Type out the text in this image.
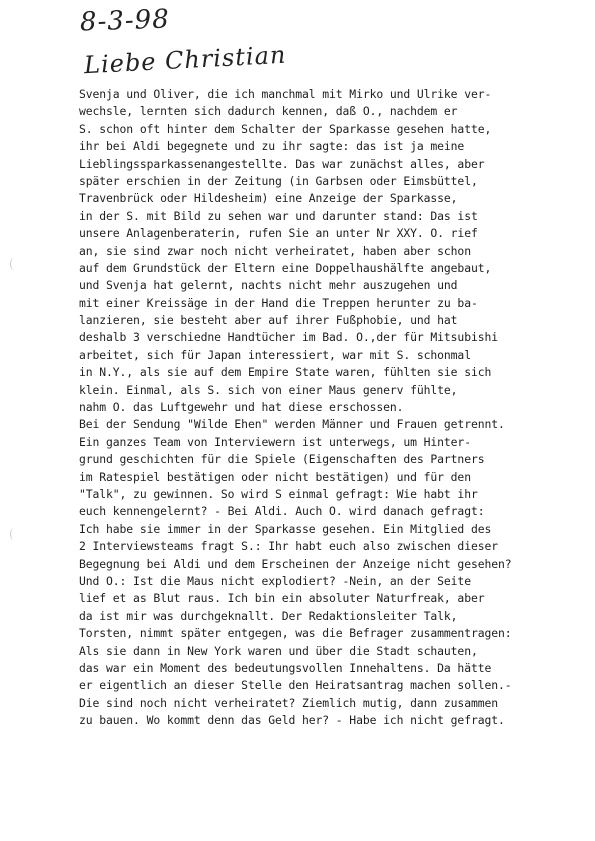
8-3-98
Liebe Christian
Svenja und Oliver, die ich manchmal mit Mirko und Ulrike ver-
wechsle, lernten sich dadurch kennen, daß O., nachdem er
S. schon oft hinter dem Schalter der Sparkasse gesehen hatte,
ihr bei Aldi begegnete und zu ihr sagte: das ist ja meine
Lieblingssparkassenangestellte. Das war zunächst alles, aber
später erschien in der Zeitung (in Garbsen oder Eimsbüttel,
Travenbrück oder Hildesheim) eine Anzeige der Sparkasse,
in der S. mit Bild zu sehen war und darunter stand: Das ist
unsere Anlagenberaterin, rufen Sie an unter Nr XXY. O. rief
an, sie sind zwar noch nicht verheiratet, haben aber schon
auf dem Grundstück der Eltern eine Doppelhaushälfte angebaut,
und Svenja hat gelernt, nachts nicht mehr auszugehen und
mit einer Kreissäge in der Hand die Treppen herunter zu ba-
lanzieren, sie besteht aber auf ihrer Fußphobie, und hat
deshalb 3 verschiedne Handtücher im Bad. O.,der für Mitsubishi
arbeitet, sich für Japan interessiert, war mit S. schonmal
in N.Y., als sie auf dem Empire State waren, fühlten sie sich
klein. Einmal, als S. sich von einer Maus generv fühlte,
nahm O. das Luftgewehr und hat diese erschossen.
Bei der Sendung "Wilde Ehen" werden Männer und Frauen getrennt.
Ein ganzes Team von Interviewern ist unterwegs, um Hinter-
grund geschichten für die Spiele (Eigenschaften des Partners
im Ratespiel bestätigen oder nicht bestätigen) und für den
"Talk", zu gewinnen. So wird S einmal gefragt: Wie habt ihr
euch kennengelernt? - Bei Aldi. Auch O. wird danach gefragt:
Ich habe sie immer in der Sparkasse gesehen. Ein Mitglied des
2 Interviewsteams fragt S.: Ihr habt euch also zwischen dieser
Begegnung bei Aldi und dem Erscheinen der Anzeige nicht gesehen?
Und O.: Ist die Maus nicht explodiert? -Nein, an der Seite
lief et as Blut raus. Ich bin ein absoluter Naturfreak, aber
da ist mir was durchgeknallt. Der Redaktionsleiter Talk,
Torsten, nimmt später entgegen, was die Befrager zusammentragen:
Als sie dann in New York waren und über die Stadt schauten,
das war ein Moment des bedeutungsvollen Innehaltens. Da hätte
er eigentlich an dieser Stelle den Heiratsantrag machen sollen.-
Die sind noch nicht verheiratet? Ziemlich mutig, dann zusammen
zu bauen. Wo kommt denn das Geld her? - Habe ich nicht gefragt.
